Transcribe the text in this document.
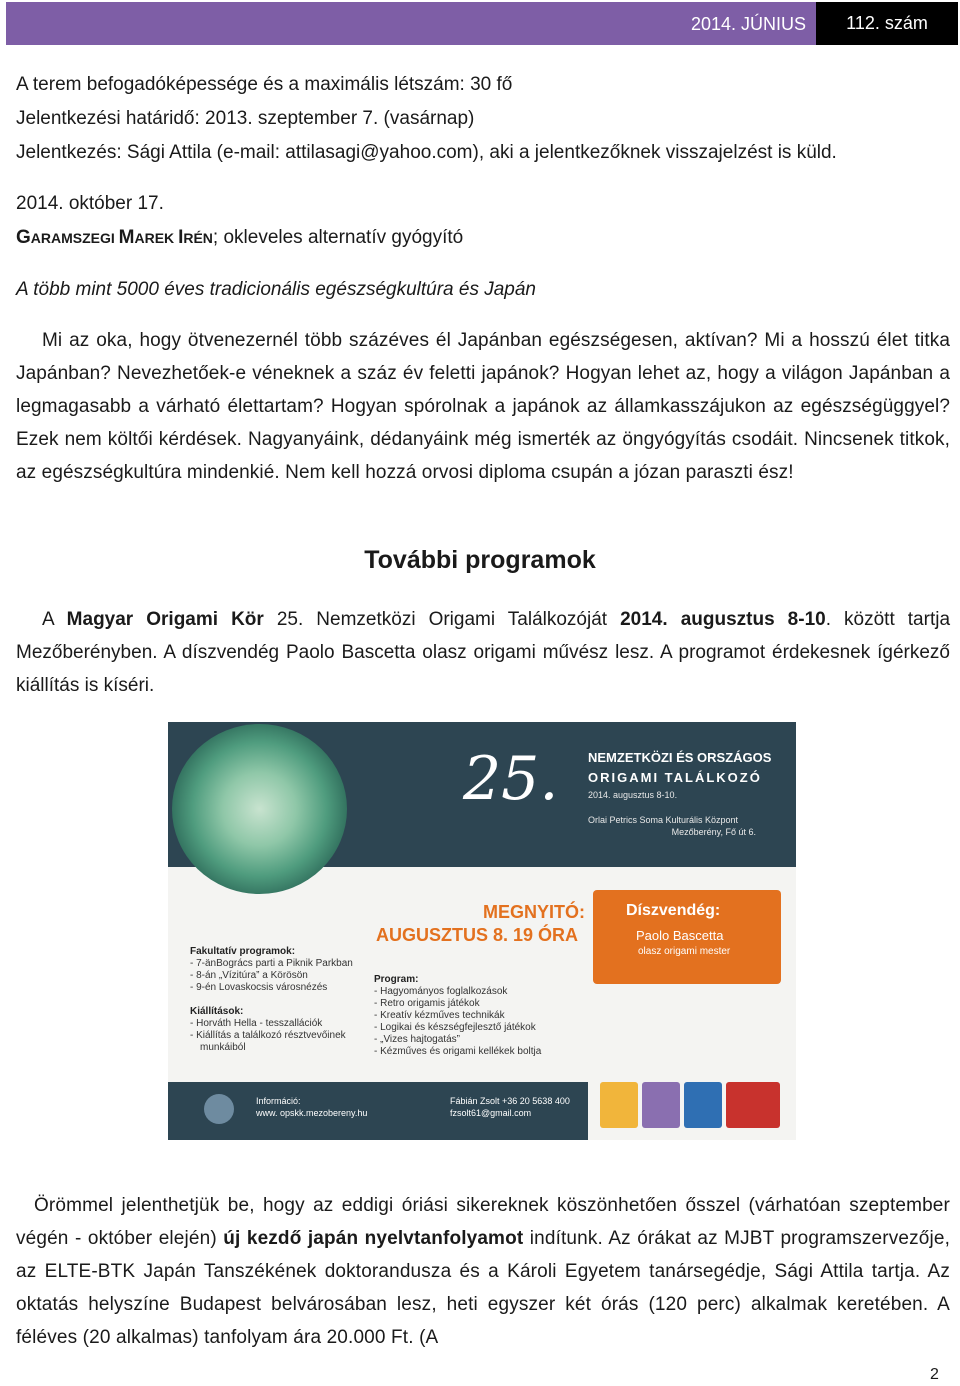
2014. JÚNIUS	112. szám
A terem befogadóképessége és a maximális létszám: 30 fő
Jelentkezési határidő: 2013. szeptember 7. (vasárnap)
Jelentkezés: Sági Attila (e-mail: attilasagi@yahoo.com), aki a jelentkezőknek visszajelzést is küld.
2014. október 17.
GARAMSZEGI MAREK IRÉN; okleveles alternatív gyógyító
A több mint 5000 éves tradicionális egészségkultúra és Japán

Mi az oka, hogy ötvenezernél több százéves él Japánban egészségesen, aktívan? Mi a hosszú élet titka Japánban? Nevezhetőek-e véneknek a száz év feletti japánok? Hogyan lehet az, hogy a világon Japánban a legmagasabb a várható élettartam? Hogyan spórolnak a japánok az államkasszájukon az egészségüggyel? Ezek nem költői kérdések. Nagyanyáink, dédanyáink még ismerték az öngyógyítás csodáit. Nincsenek titkok, az egészségkultúra mindenkié. Nem kell hozzá orvosi diploma csupán a józan paraszti ész!

További programok

A Magyar Origami Kör 25. Nemzetközi Origami Találkozóját 2014. augusztus 8-10. között tartja Mezőberényben. A díszvendég Paolo Bascetta olasz origami művész lesz. A programot érdekesnek ígérkező kiállítás is kíséri.

25. NEMZETKÖZI ÉS ORSZÁGOS
ORIGAMI TALÁLKOZÓ
2014. augusztus 8-10.
Orlai Petrics Soma Kulturális Központ
Mezőberény, Fő út 6.
MEGNYITÓ:
AUGUSZTUS 8. 19 ÓRA
Díszvendég:
Paolo Bascetta
olasz origami mester
Fakultatív programok:
- 7-änBogrács parti a Piknik Parkban
- 8-án „Vízitúra” a Körösön
- 9-én Lovaskocsis városnézés

Kiállítások:
- Horváth Hella - tesszallációk
- Kiállítás a találkozó résztvevőinek
munkáiból
Program:
- Hagyományos foglalkozások
- Retro origamis játékok
- Kreatív kézműves technikák
- Logikai és készségfejlesztő játékok
- „Vizes hajtogatás”
- Kézműves és origami kellékek boltja
Információ:
www. opskk.mezobereny.hu
Fábián Zsolt +36 20 5638 400
fzsolt61@gmail.com

Örömmel jelenthetjük be, hogy az eddigi óriási sikereknek köszönhetően ősszel (várhatóan szeptember végén - október elején) új kezdő japán nyelvtanfolyamot indítunk. Az órákat az MJBT programszervezője, az ELTE-BTK Japán Tanszékének doktorandusza és a Károli Egyetem tanársegédje, Sági Attila tartja. Az oktatás helyszíne Budapest belvárosában lesz, heti egyszer két órás (120 perc) alkalmak keretében. A féléves (20 alkalmas) tanfolyam ára 20.000 Ft. (A

2
